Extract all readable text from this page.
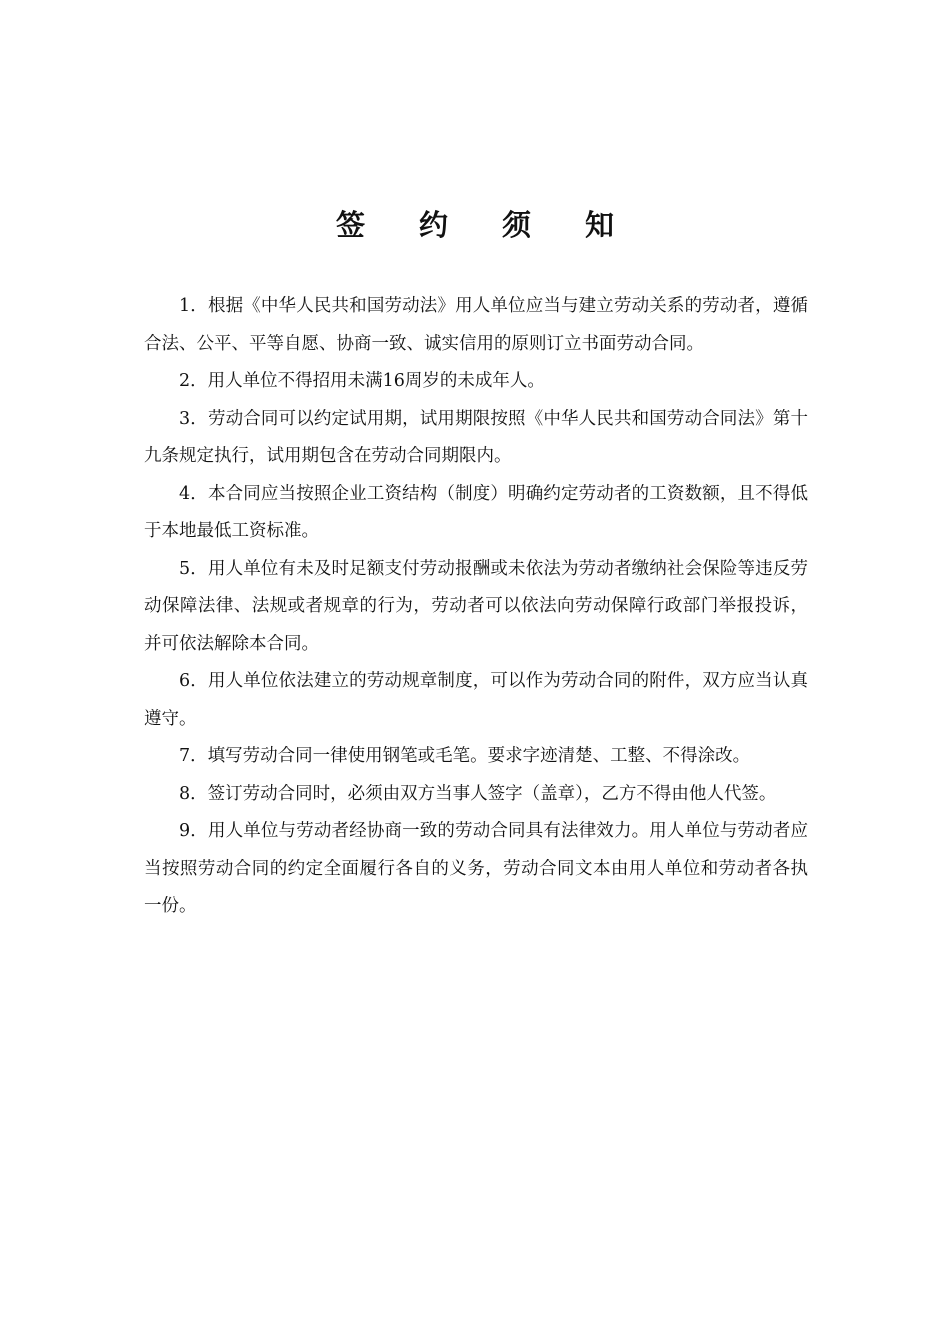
签约须知

1．根据《中华人民共和国劳动法》用人单位应当与建立劳动关系的劳动者，遵循合法、公平、平等自愿、协商一致、诚实信用的原则订立书面劳动合同。

2．用人单位不得招用未满16周岁的未成年人。

3．劳动合同可以约定试用期，试用期限按照《中华人民共和国劳动合同法》第十九条规定执行，试用期包含在劳动合同期限内。

4．本合同应当按照企业工资结构（制度）明确约定劳动者的工资数额，且不得低于本地最低工资标准。

5．用人单位有未及时足额支付劳动报酬或未依法为劳动者缴纳社会保险等违反劳动保障法律、法规或者规章的行为，劳动者可以依法向劳动保障行政部门举报投诉，并可依法解除本合同。

6．用人单位依法建立的劳动规章制度，可以作为劳动合同的附件，双方应当认真遵守。

7．填写劳动合同一律使用钢笔或毛笔。要求字迹清楚、工整、不得涂改。

8．签订劳动合同时，必须由双方当事人签字（盖章），乙方不得由他人代签。

9．用人单位与劳动者经协商一致的劳动合同具有法律效力。用人单位与劳动者应当按照劳动合同的约定全面履行各自的义务，劳动合同文本由用人单位和劳动者各执一份。
